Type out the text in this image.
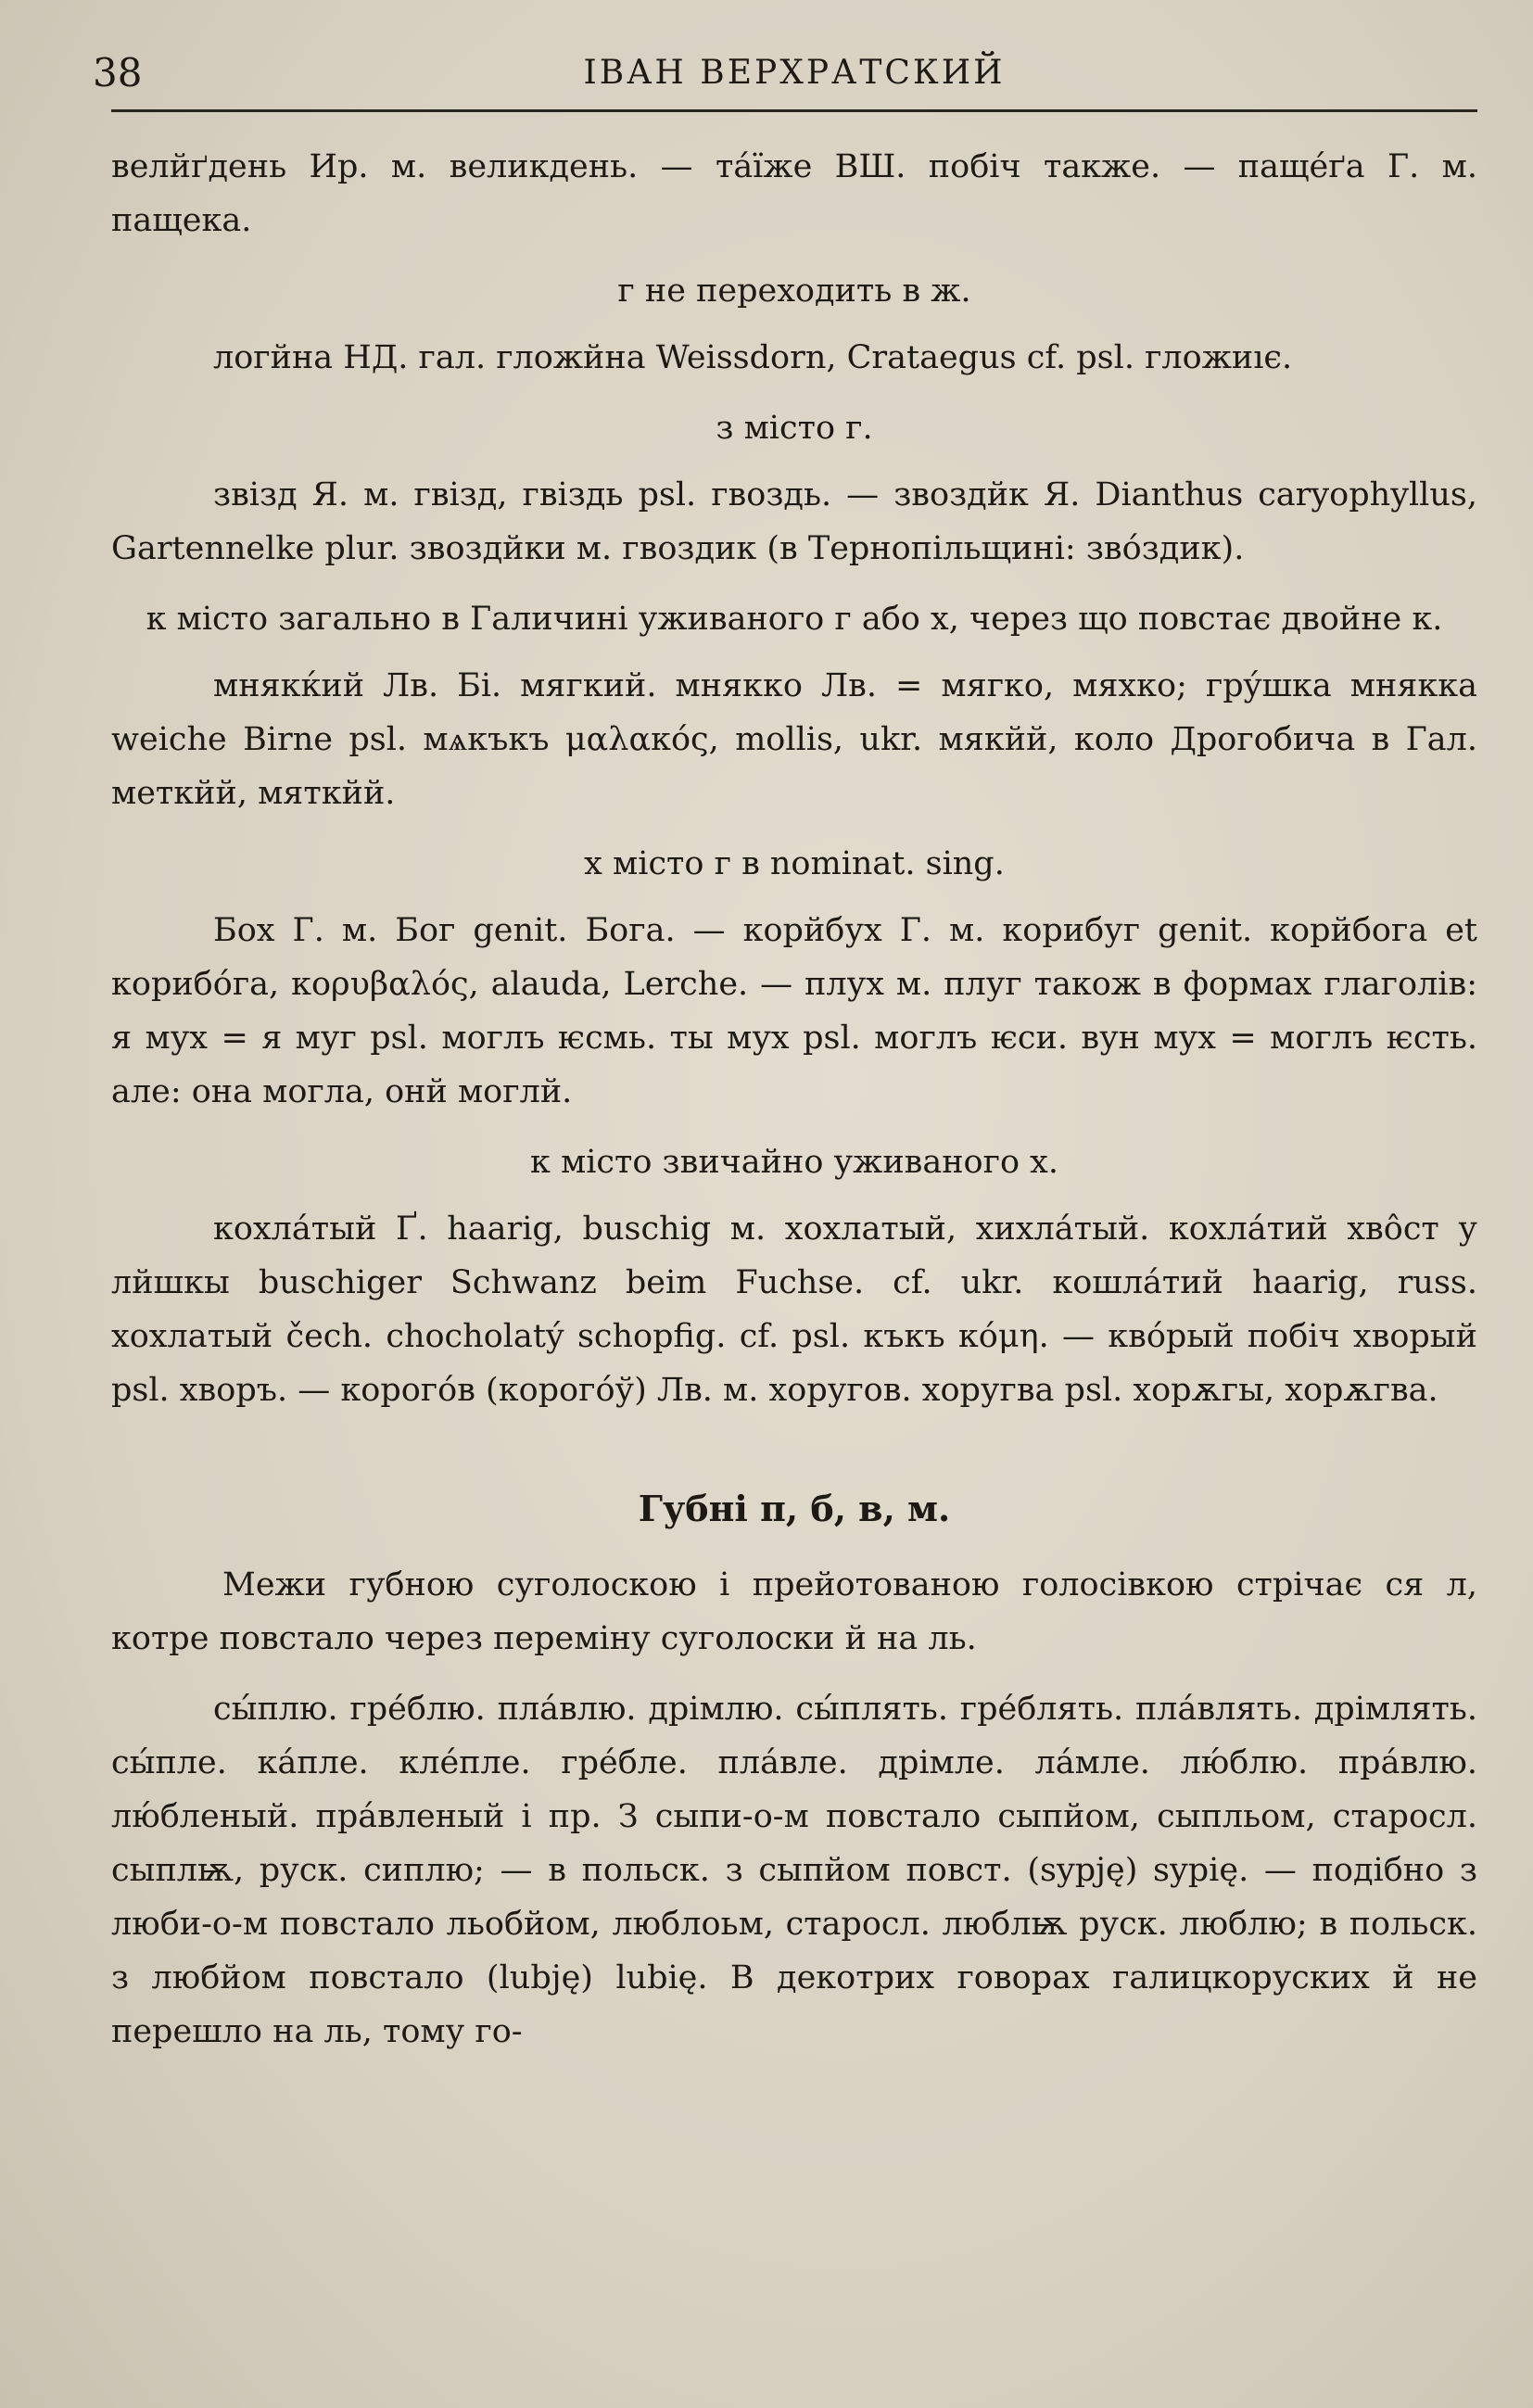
38	ІВАН ВЕРХРАТСКИЙ

велйґдень Ир. м. великдень. — тáїже ВШ. побіч также. — пащéґа Г. м. пащека.

г не переходить в ж.

логйна НД. гал. гложйна Weissdorn, Crataegus cf. psl. гложиıє.

з місто г.

звізд Я. м. гвізд, гвіздь psl. гвоздь. — звоздйк Я. Dianthus caryophyllus, Gartennelke plur. звоздйки м. гвоздик (в Тернопільщині: звóздик).

к місто загально в Галичині уживаного г або х, через що повстає двойне к.

мнякќий Лв. Бі. мягкий. мнякко Лв. = мягко, мяхко; грýшка мнякка weiche Birne psl. мѧкъкъ μαλακός, mollis, ukr. мякйй, коло Дрогобича в Гал. меткйй, мяткйй.

х місто г в nominat. sing.

Бох Г. м. Бог genit. Бога. — корйбух Г. м. корибуг genit. корйбога et корибóга, κορυβαλός, alauda, Lerche. — плух м. плуг також в формах глаголів: я мух = я муг psl. моглъ ѥсмь. ты мух psl. моглъ ѥси. вун мух = моглъ ѥсть. але: она могла, онй моглй.

к місто звичайно уживаного х.

кохлáтый Ґ. haarig, buschig м. хохлатый, хихлáтый. кохлáтий хвôст у лйшкы buschiger Schwanz beim Fuchse. cf. ukr. кошлáтий haarig, russ. хохлатый čech. chocholatý schopfig. cf. psl. къкъ κόμη. — квóрый побіч хворый psl. хворъ. — корогóв (корогóў) Лв. м. хоругов. хоругва psl. хорѫгы, хорѫгва.

Губні п, б, в, м.

Межи губною суголоскою і прейотованою голосівкою стрічає ся л, котре повстало через переміну суголоски й на ль.

сы́плю. грéблю. плáвлю. дрімлю. сы́плять. грéблять. плáвлять. дрімлять. сы́пле. кáпле. клéпле. грéбле. плáвле. дрімле. лáмле. лю́блю. прáвлю. лю́бленый. прáвленый і пр. З сыпи-о-м повстало сыпйом, сыпльом, старосл. сыплѭ, руск. сиплю; — в польск. з сыпйом повст. (sypję) sypię. — подібно з люби-о-м повстало льобйом, люблоьм, старосл. люблѭ руск. люблю; в польск. з любйом повстало (lubję) lubię. В декотрих говорах галицкоруских й не перешло на ль, тому го-
